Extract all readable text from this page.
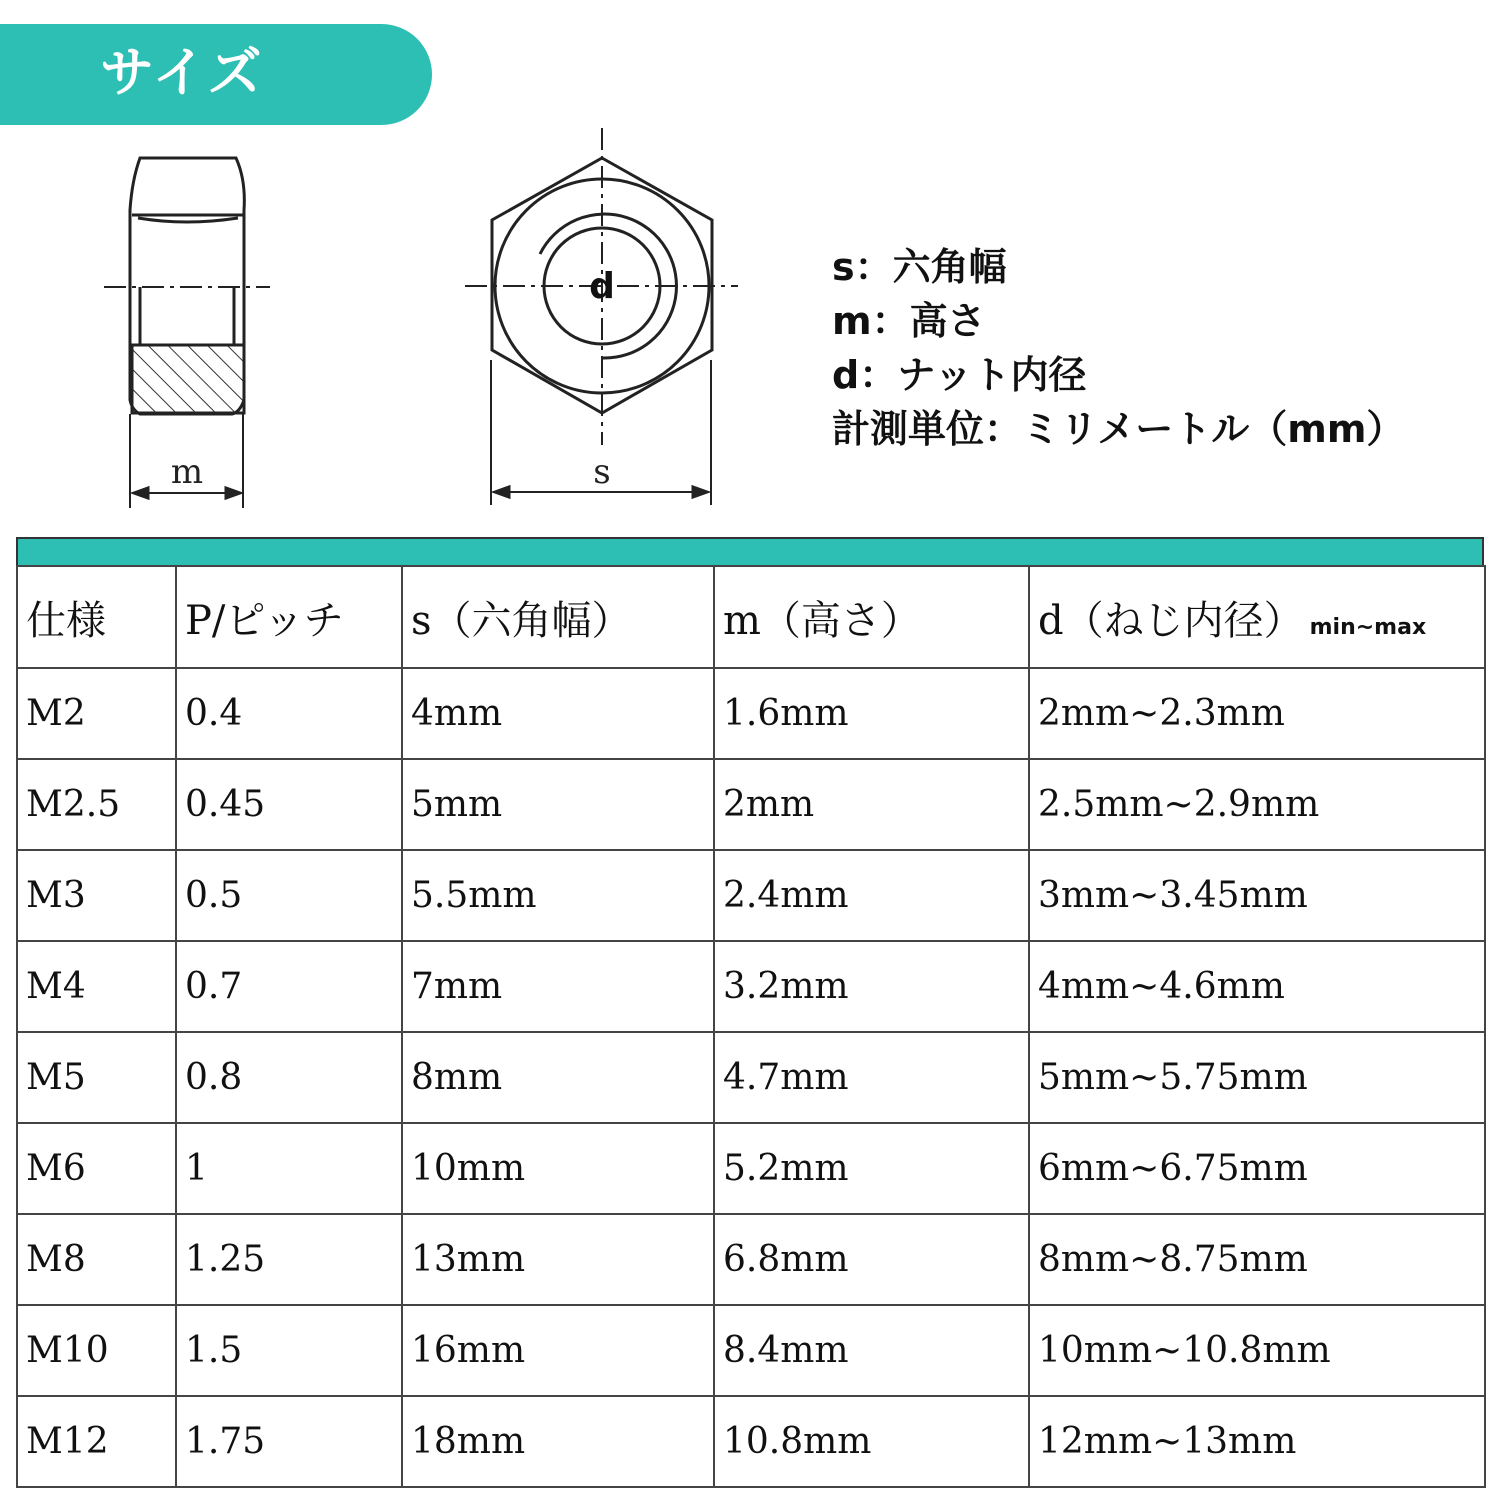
サイズ
m
d
s
s：六角幅
m：高さ
d：ナット内径
計測単位：ミリメートル（mm）
仕様	P/ピッチ	s（六角幅）	m（高さ）	d（ねじ内径） min~max
M2	0.4	4mm	1.6mm	2mm~2.3mm
M2.5	0.45	5mm	2mm	2.5mm~2.9mm
M3	0.5	5.5mm	2.4mm	3mm~3.45mm
M4	0.7	7mm	3.2mm	4mm~4.6mm
M5	0.8	8mm	4.7mm	5mm~5.75mm
M6	1	10mm	5.2mm	6mm~6.75mm
M8	1.25	13mm	6.8mm	8mm~8.75mm
M10	1.5	16mm	8.4mm	10mm~10.8mm
M12	1.75	18mm	10.8mm	12mm~13mm
